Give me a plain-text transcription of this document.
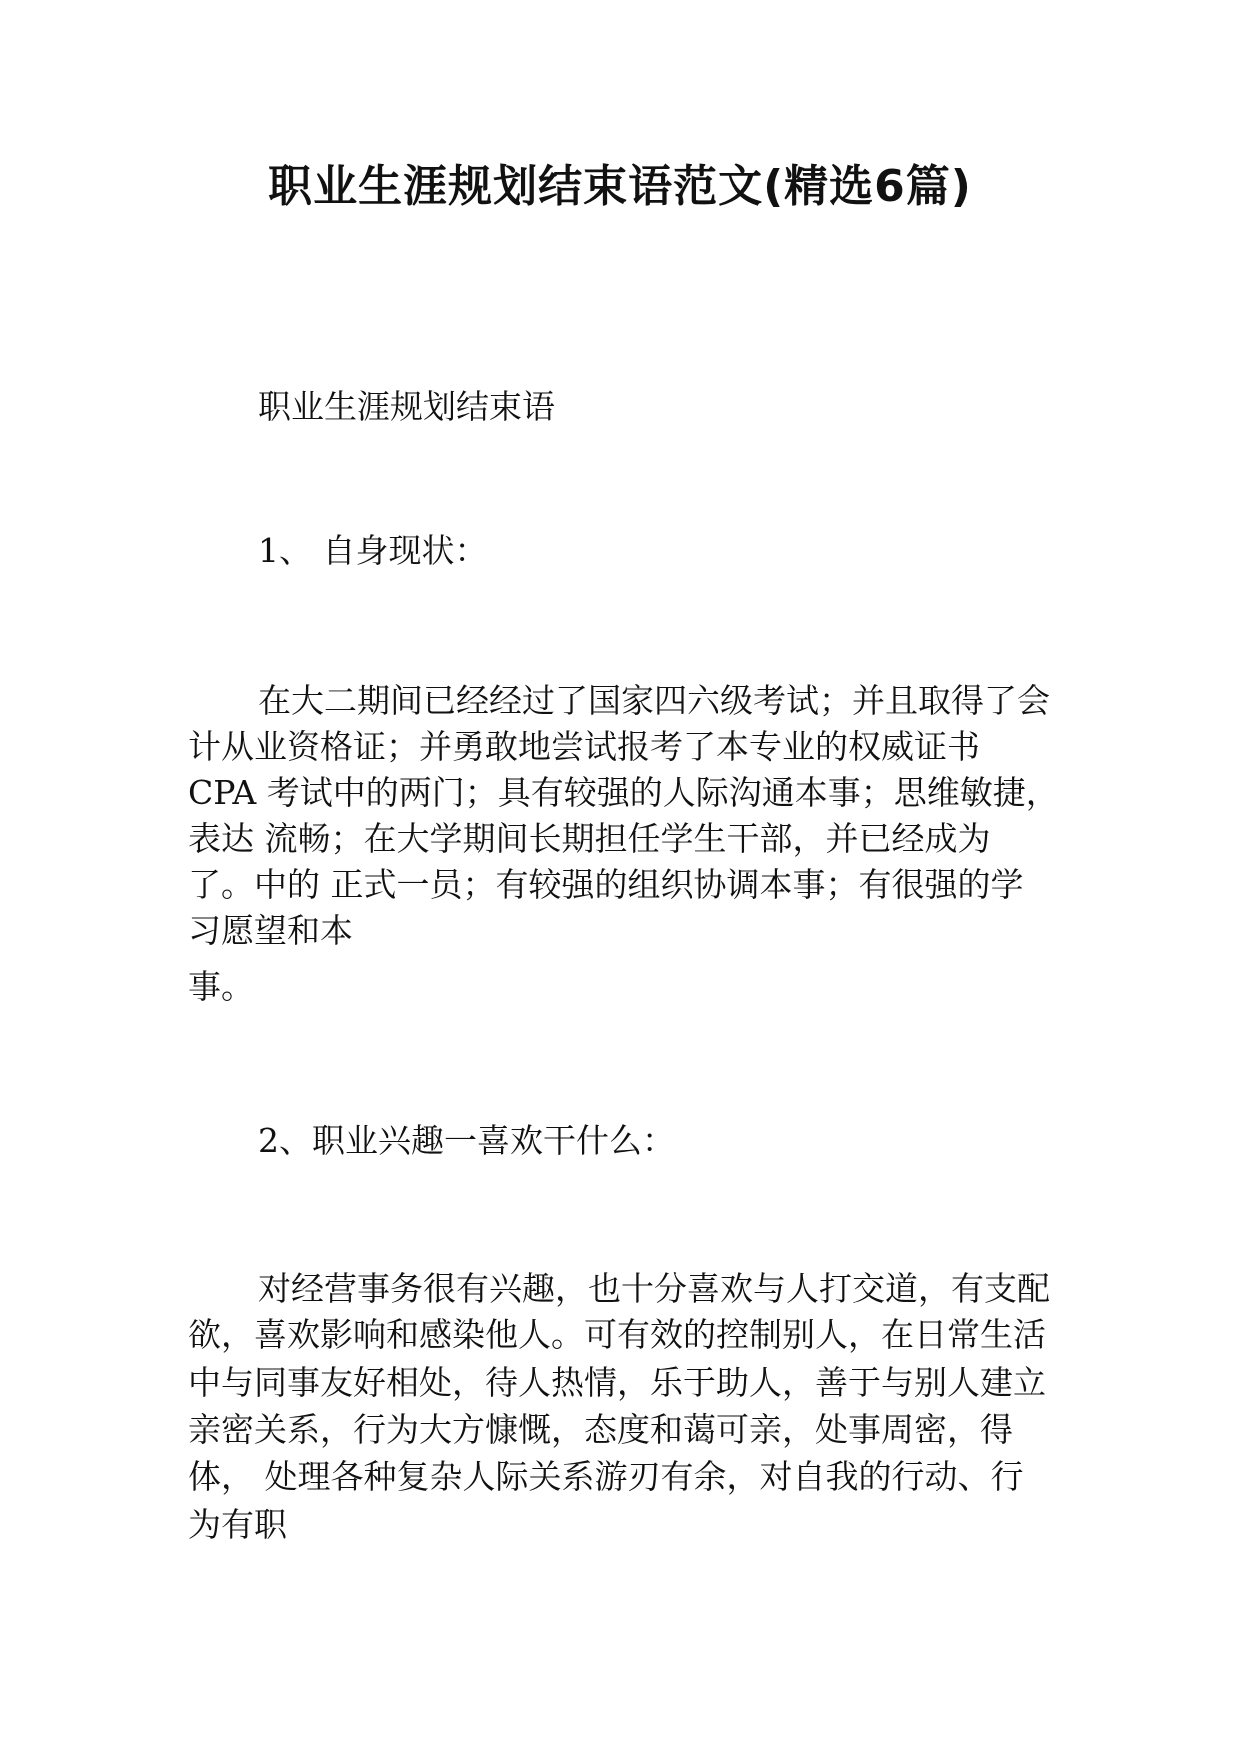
职业生涯规划结束语范文(精选6篇)
职业生涯规划结束语
1、 自身现状：
在大二期间已经经过了国家四六级考试；并且取得了会
计从业资格证；并勇敢地尝试报考了本专业的权威证书
CPA 考试中的两门；具有较强的人际沟通本事；思维敏捷，
表达 流畅；在大学期间长期担任学生干部，并已经成为
了。中的 正式一员；有较强的组织协调本事；有很强的学
习愿望和本
事。
2、职业兴趣一喜欢干什么：
对经营事务很有兴趣，也十分喜欢与人打交道，有支配
欲，喜欢影响和感染他人。可有效的控制别人，在日常生活
中与同事友好相处，待人热情，乐于助人，善于与别人建立
亲密关系，行为大方慷慨，态度和蔼可亲，处事周密，得
体， 处理各种复杂人际关系游刃有余，对自我的行动、行
为有职
